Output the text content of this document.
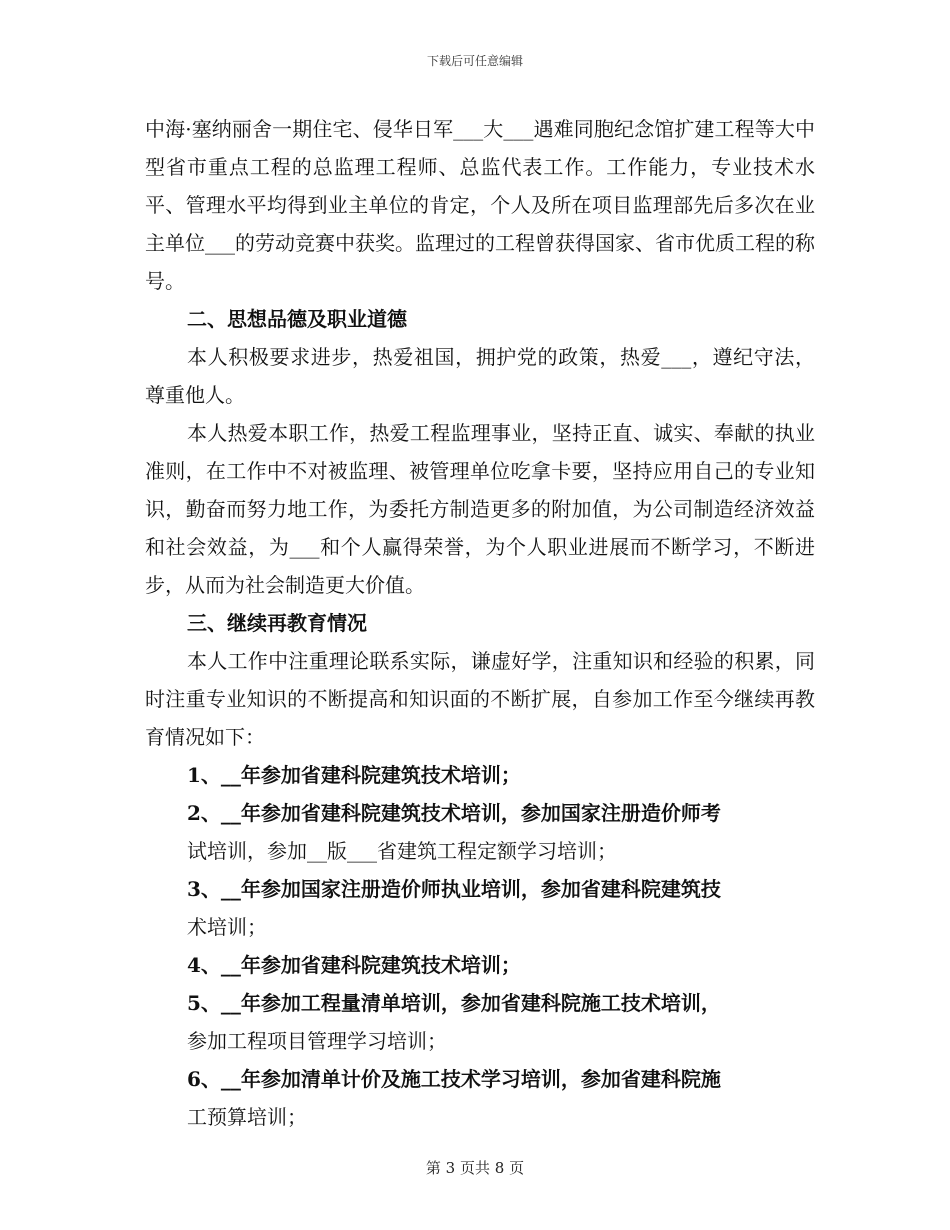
下载后可任意编辑

中海·塞纳丽舍一期住宅、侵华日军___大___遇难同胞纪念馆扩建工程等大中型省市重点工程的总监理工程师、总监代表工作。工作能力，专业技术水平、管理水平均得到业主单位的肯定，个人及所在项目监理部先后多次在业主单位___的劳动竞赛中获奖。监理过的工程曾获得国家、省市优质工程的称号。

二、思想品德及职业道德

本人积极要求进步，热爱祖国，拥护党的政策，热爱___，遵纪守法，尊重他人。

本人热爱本职工作，热爱工程监理事业，坚持正直、诚实、奉献的执业准则，在工作中不对被监理、被管理单位吃拿卡要，坚持应用自己的专业知识，勤奋而努力地工作，为委托方制造更多的附加值，为公司制造经济效益和社会效益，为___和个人赢得荣誉，为个人职业进展而不断学习，不断进步，从而为社会制造更大价值。

三、继续再教育情况

本人工作中注重理论联系实际，谦虚好学，注重知识和经验的积累，同时注重专业知识的不断提高和知识面的不断扩展，自参加工作至今继续再教育情况如下：

1、__年参加省建科院建筑技术培训；

2、__年参加省建科院建筑技术培训，参加国家注册造价师考
试培训，参加__版___省建筑工程定额学习培训；

3、__年参加国家注册造价师执业培训，参加省建科院建筑技
术培训；

4、__年参加省建科院建筑技术培训；

5、__年参加工程量清单培训，参加省建科院施工技术培训，
参加工程项目管理学习培训；

6、__年参加清单计价及施工技术学习培训，参加省建科院施
工预算培训；

第 3 页共 8 页
